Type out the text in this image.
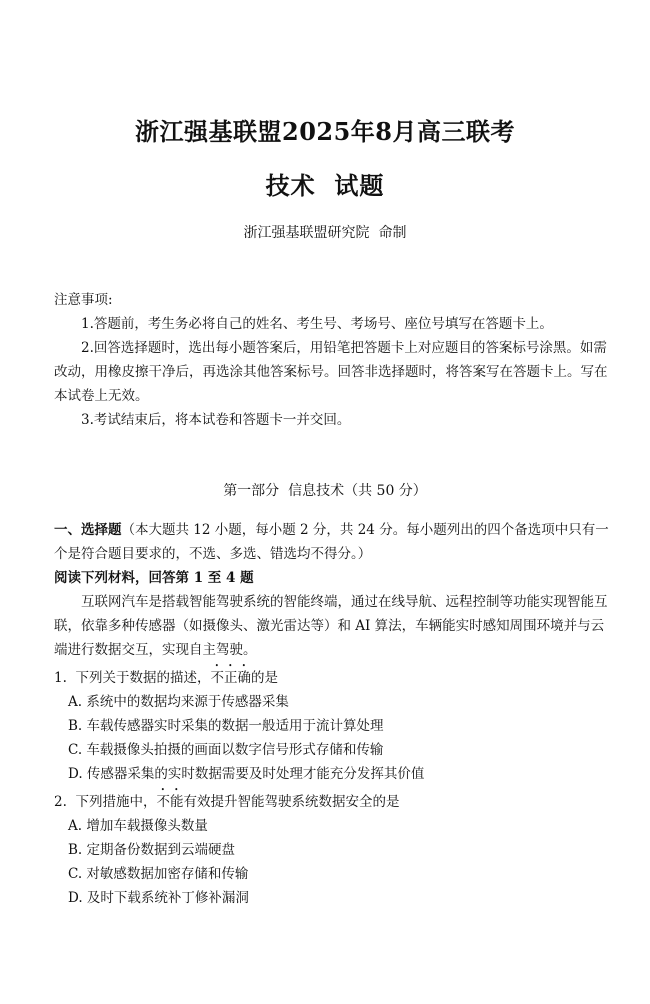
浙江强基联盟2025年8月高三联考
技术  试题
浙江强基联盟研究院  命制

注意事项:

1.答题前，考生务必将自己的姓名、考生号、考场号、座位号填写在答题卡上。

2.回答选择题时，选出每小题答案后，用铅笔把答题卡上对应题目的答案标号涂黑。如需改动，用橡皮擦干净后，再选涂其他答案标号。回答非选择题时，将答案写在答题卡上。写在本试卷上无效。

3.考试结束后，将本试卷和答题卡一并交回。

第一部分  信息技术（共 50 分）

一、选择题（本大题共 12 小题，每小题 2 分，共 24 分。每小题列出的四个备选项中只有一个是符合题目要求的，不选、多选、错选均不得分。）

阅读下列材料，回答第 1 至 4 题

互联网汽车是搭载智能驾驶系统的智能终端，通过在线导航、远程控制等功能实现智能互联，依靠多种传感器（如摄像头、激光雷达等）和 AI 算法，车辆能实时感知周围环境并与云端进行数据交互，实现自主驾驶。

1. 下列关于数据的描述，不正确的是

A. 系统中的数据均来源于传感器采集

B. 车载传感器实时采集的数据一般适用于流计算处理

C. 车载摄像头拍摄的画面以数字信号形式存储和传输

D. 传感器采集的实时数据需要及时处理才能充分发挥其价值

2. 下列措施中，不能有效提升智能驾驶系统数据安全的是

A. 增加车载摄像头数量

B. 定期备份数据到云端硬盘

C. 对敏感数据加密存储和传输

D. 及时下载系统补丁修补漏洞
